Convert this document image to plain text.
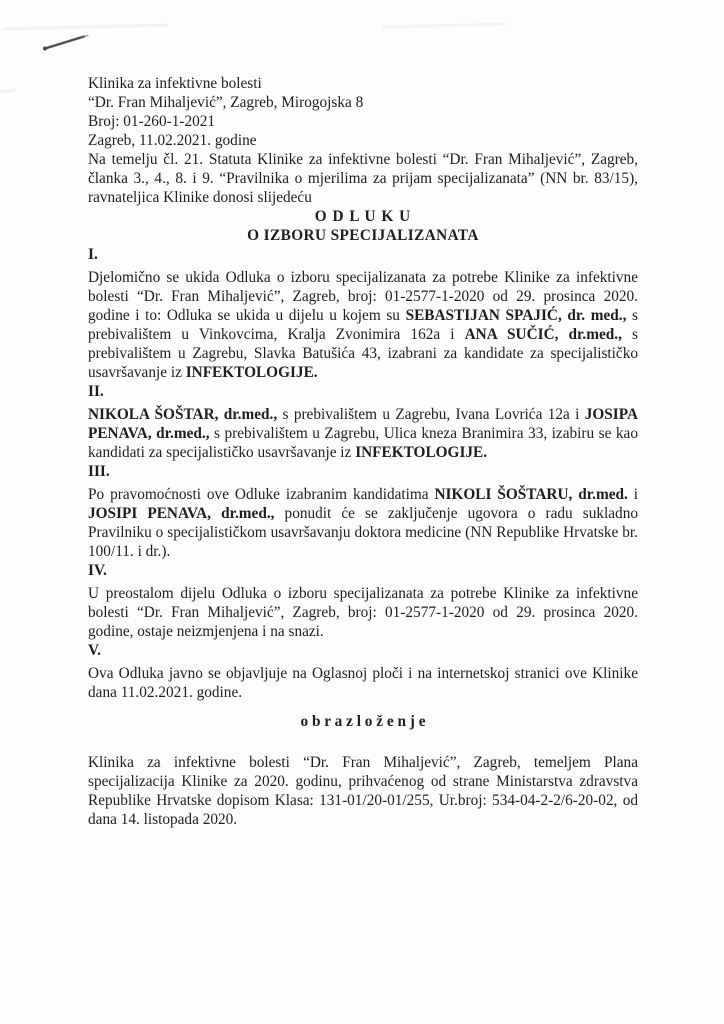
Klinika za infektivne bolesti
“Dr. Fran Mihaljević”, Zagreb, Mirogojska 8
Broj: 01-260-1-2021
Zagreb, 11.02.2021. godine

Na temelju čl. 21. Statuta Klinike za infektivne bolesti “Dr. Fran Mihaljević”, Zagreb, članka 3., 4., 8. i 9. “Pravilnika o mjerilima za prijam specijalizanata” (NN br. 83/15), ravnateljica Klinike donosi slijedeću

O D L U K U
O IZBORU SPECIJALIZANATA
I.

Djelomično se ukida Odluka o izboru specijalizanata za potrebe Klinike za infektivne bolesti “Dr. Fran Mihaljević”, Zagreb, broj: 01-2577-1-2020 od 29. prosinca 2020. godine i to: Odluka se ukida u dijelu u kojem su SEBASTIJAN SPAJIĆ, dr. med., s prebivalištem u Vinkovcima, Kralja Zvonimira 162a i ANA SUČIĆ, dr.med., s prebivalištem u Zagrebu, Slavka Batušića 43, izabrani za kandidate za specijalističko usavršavanje iz INFEKTOLOGIJE.

II.

NIKOLA ŠOŠTAR, dr.med., s prebivalištem u Zagrebu, Ivana Lovrića 12a i JOSIPA PENAVA, dr.med., s prebivalištem u Zagrebu, Ulica kneza Branimira 33, izabiru se kao kandidati za specijalističko usavršavanje iz INFEKTOLOGIJE.

III.

Po pravomoćnosti ove Odluke izabranim kandidatima NIKOLI ŠOŠTARU, dr.med. i JOSIPI PENAVA, dr.med., ponudit će se zaključenje ugovora o radu sukladno Pravilniku o specijalističkom usavršavanju doktora medicine (NN Republike Hrvatske br. 100/11. i dr.).

IV.

U preostalom dijelu Odluka o izboru specijalizanata za potrebe Klinike za infektivne bolesti “Dr. Fran Mihaljević”, Zagreb, broj: 01-2577-1-2020 od 29. prosinca 2020. godine, ostaje neizmjenjena i na snazi.

V.

Ova Odluka javno se objavljuje na Oglasnoj ploči i na internetskoj stranici ove Klinike dana 11.02.2021. godine.

o b r a z l o ž e n j e

Klinika za infektivne bolesti “Dr. Fran Mihaljević”, Zagreb, temeljem Plana specijalizacija Klinike za 2020. godinu, prihvaćenog od strane Ministarstva zdravstva Republike Hrvatske dopisom Klasa: 131-01/20-01/255, Ur.broj: 534-04-2-2/6-20-02, od dana 14. listopada 2020.
